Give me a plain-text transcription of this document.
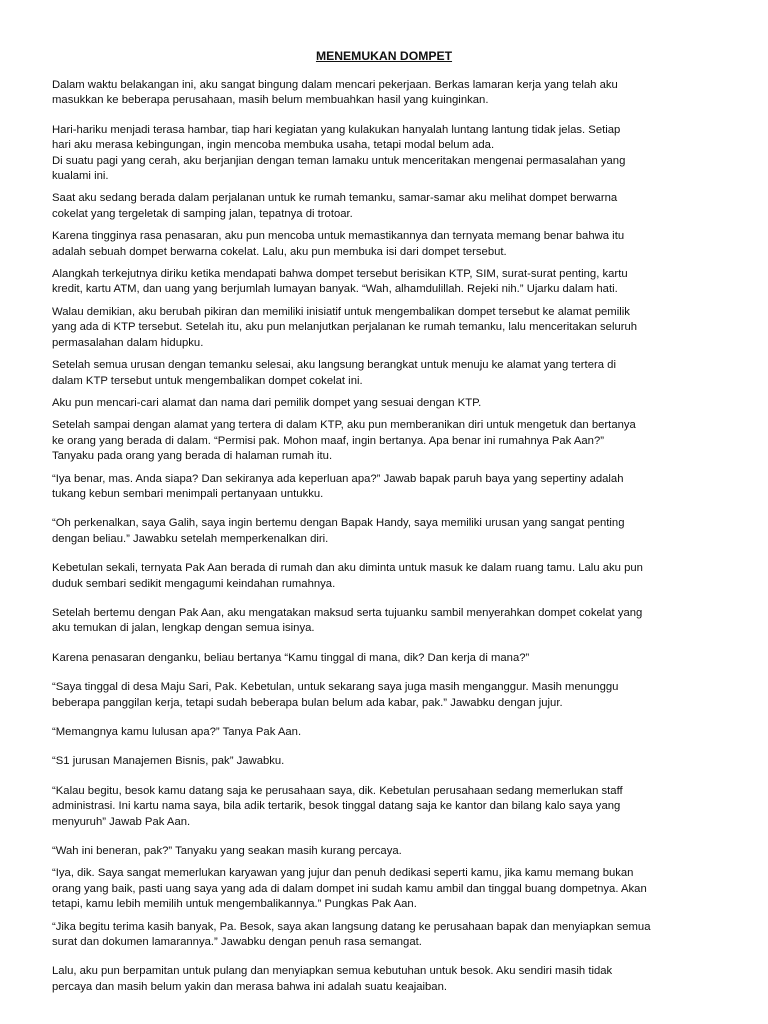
MENEMUKAN DOMPET
Dalam waktu belakangan ini, aku sangat bingung dalam mencari pekerjaan. Berkas lamaran kerja yang telah aku
masukkan ke beberapa perusahaan, masih belum membuahkan hasil yang kuinginkan.
Hari-hariku menjadi terasa hambar, tiap hari kegiatan yang kulakukan hanyalah luntang lantung tidak jelas. Setiap
hari aku merasa kebingungan, ingin mencoba membuka usaha, tetapi modal belum ada.
Di suatu pagi yang cerah, aku berjanjian dengan teman lamaku untuk menceritakan mengenai permasalahan yang
kualami ini.
Saat aku sedang berada dalam perjalanan untuk ke rumah temanku, samar-samar aku melihat dompet berwarna
cokelat yang tergeletak di samping jalan, tepatnya di trotoar.
Karena tingginya rasa penasaran, aku pun mencoba untuk memastikannya dan ternyata memang benar bahwa itu
adalah sebuah dompet berwarna cokelat. Lalu, aku pun membuka isi dari dompet tersebut.
Alangkah terkejutnya diriku ketika mendapati bahwa dompet tersebut berisikan KTP, SIM, surat-surat penting, kartu
kredit, kartu ATM, dan uang yang berjumlah lumayan banyak. “Wah, alhamdulillah. Rejeki nih.” Ujarku dalam hati.
Walau demikian, aku berubah pikiran dan memiliki inisiatif untuk mengembalikan dompet tersebut ke alamat pemilik
yang ada di KTP tersebut. Setelah itu, aku pun melanjutkan perjalanan ke rumah temanku, lalu menceritakan seluruh
permasalahan dalam hidupku.
Setelah semua urusan dengan temanku selesai, aku langsung berangkat untuk menuju ke alamat yang tertera di
dalam KTP tersebut untuk mengembalikan dompet cokelat ini.
Aku pun mencari-cari alamat dan nama dari pemilik dompet yang sesuai dengan KTP.
Setelah sampai dengan alamat yang tertera di dalam KTP, aku pun memberanikan diri untuk mengetuk dan bertanya
ke orang yang berada di dalam. “Permisi pak. Mohon maaf, ingin bertanya. Apa benar ini rumahnya Pak Aan?”
Tanyaku pada orang yang berada di halaman rumah itu.
“Iya benar, mas. Anda siapa? Dan sekiranya ada keperluan apa?” Jawab bapak paruh baya yang sepertiny adalah
tukang kebun sembari menimpali pertanyaan untukku.
“Oh perkenalkan, saya Galih, saya ingin bertemu dengan Bapak Handy, saya memiliki urusan yang sangat penting
dengan beliau.” Jawabku setelah memperkenalkan diri.
Kebetulan sekali, ternyata Pak Aan berada di rumah dan aku diminta untuk masuk ke dalam ruang tamu. Lalu aku pun
duduk sembari sedikit mengagumi keindahan rumahnya.
Setelah bertemu dengan Pak Aan, aku mengatakan maksud serta tujuanku sambil menyerahkan dompet cokelat yang
aku temukan di jalan, lengkap dengan semua isinya.
Karena penasaran denganku, beliau bertanya “Kamu tinggal di mana, dik? Dan kerja di mana?”
“Saya tinggal di desa Maju Sari, Pak. Kebetulan, untuk sekarang saya juga masih menganggur. Masih menunggu
beberapa panggilan kerja, tetapi sudah beberapa bulan belum ada kabar, pak.” Jawabku dengan jujur.
“Memangnya kamu lulusan apa?” Tanya Pak Aan.
“S1 jurusan Manajemen Bisnis, pak” Jawabku.
“Kalau begitu, besok kamu datang saja ke perusahaan saya, dik. Kebetulan perusahaan sedang memerlukan staff
administrasi. Ini kartu nama saya, bila adik tertarik, besok tinggal datang saja ke kantor dan bilang kalo saya yang
menyuruh” Jawab Pak Aan.
“Wah ini beneran, pak?” Tanyaku yang seakan masih kurang percaya.
“Iya, dik. Saya sangat memerlukan karyawan yang jujur dan penuh dedikasi seperti kamu, jika kamu memang bukan
orang yang baik, pasti uang saya yang ada di dalam dompet ini sudah kamu ambil dan tinggal buang dompetnya. Akan
tetapi, kamu lebih memilih untuk mengembalikannya.” Pungkas Pak Aan.
“Jika begitu terima kasih banyak, Pa. Besok, saya akan langsung datang ke perusahaan bapak dan menyiapkan semua
surat dan dokumen lamarannya.” Jawabku dengan penuh rasa semangat.
Lalu, aku pun berpamitan untuk pulang dan menyiapkan semua kebutuhan untuk besok. Aku sendiri masih tidak
percaya dan masih belum yakin dan merasa bahwa ini adalah suatu keajaiban.
